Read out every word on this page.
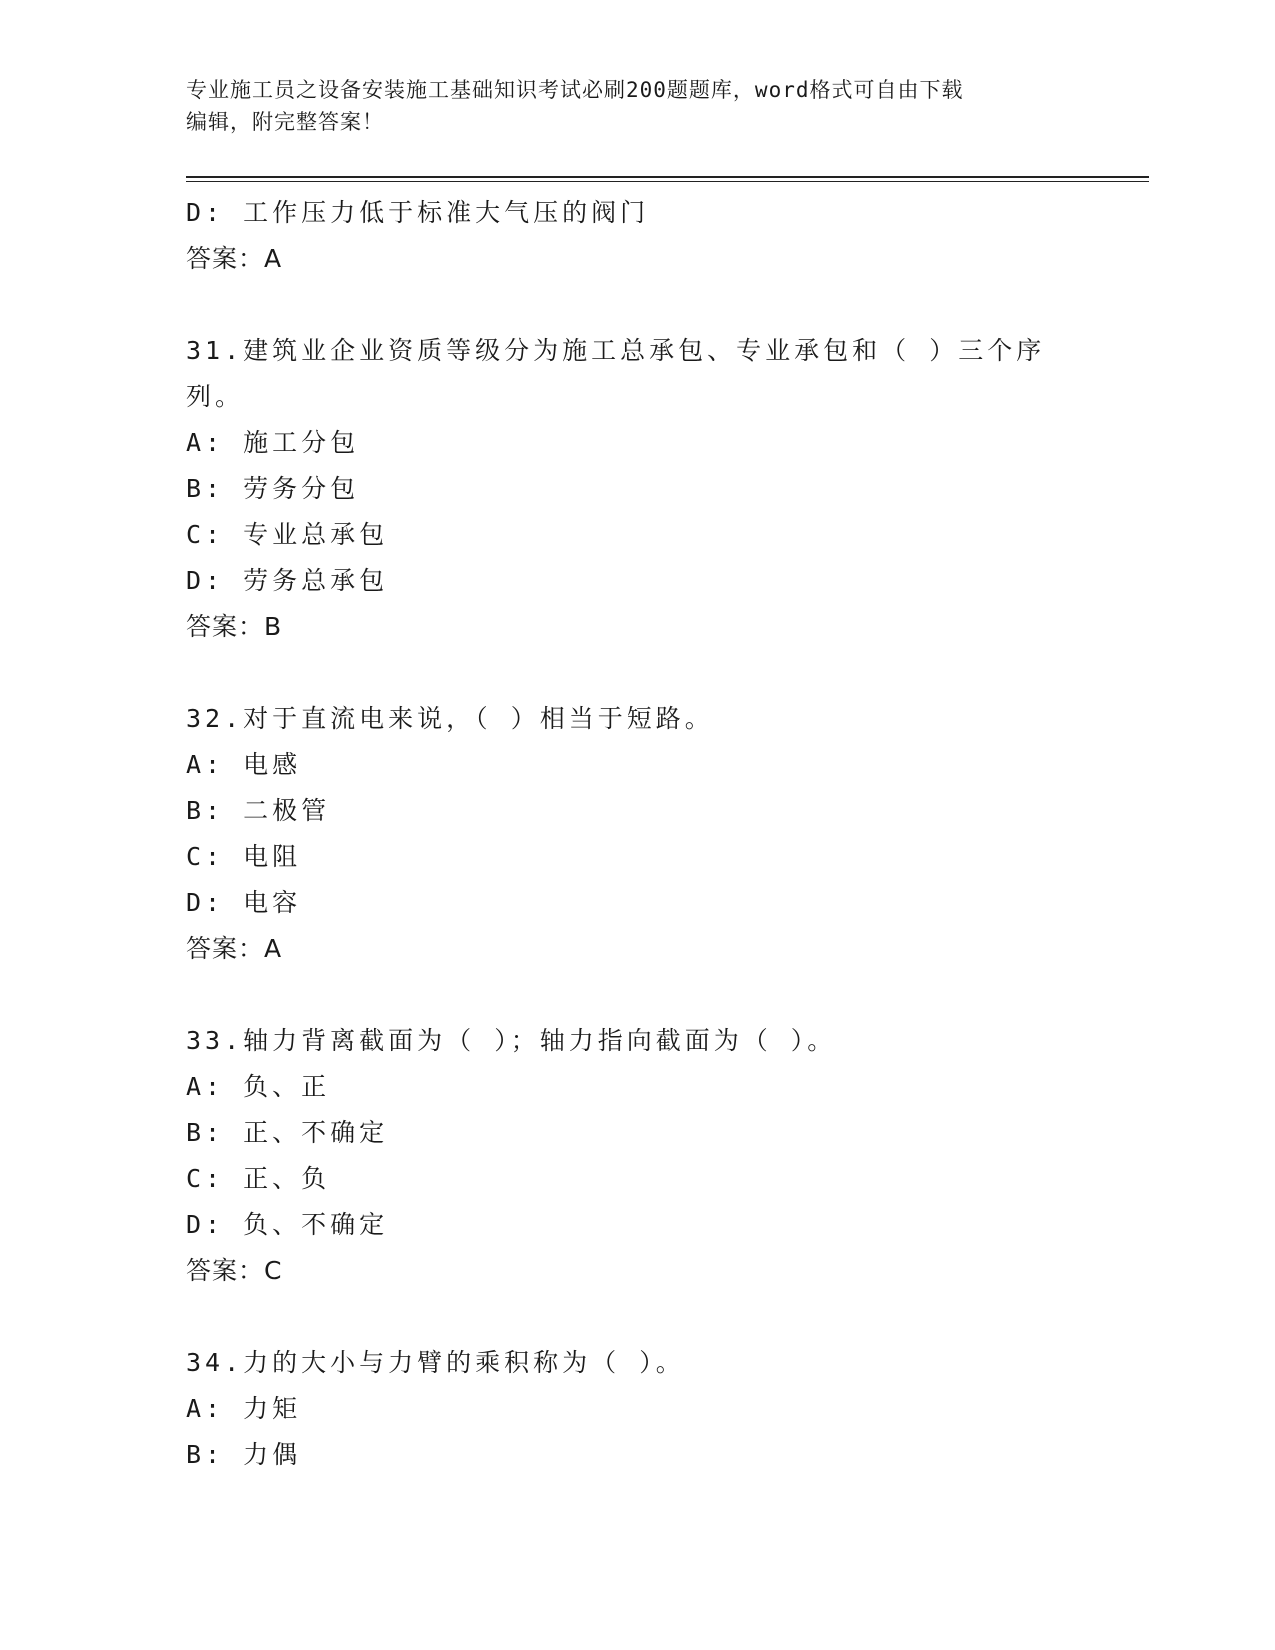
专业施工员之设备安装施工基础知识考试必刷200题题库，word格式可自由下载
编辑，附完整答案！
D: 工作压力低于标准大气压的阀门
答案：A
31.建筑业企业资质等级分为施工总承包、专业承包和（ ）三个序列。
A: 施工分包
B: 劳务分包
C: 专业总承包
D: 劳务总承包
答案：B
32.对于直流电来说，（ ）相当于短路。
A: 电感
B: 二极管
C: 电阻
D: 电容
答案：A
33.轴力背离截面为（ ）；轴力指向截面为（ ）。
A: 负、正
B: 正、不确定
C: 正、负
D: 负、不确定
答案：C
34.力的大小与力臂的乘积称为（ ）。
A: 力矩
B: 力偶
